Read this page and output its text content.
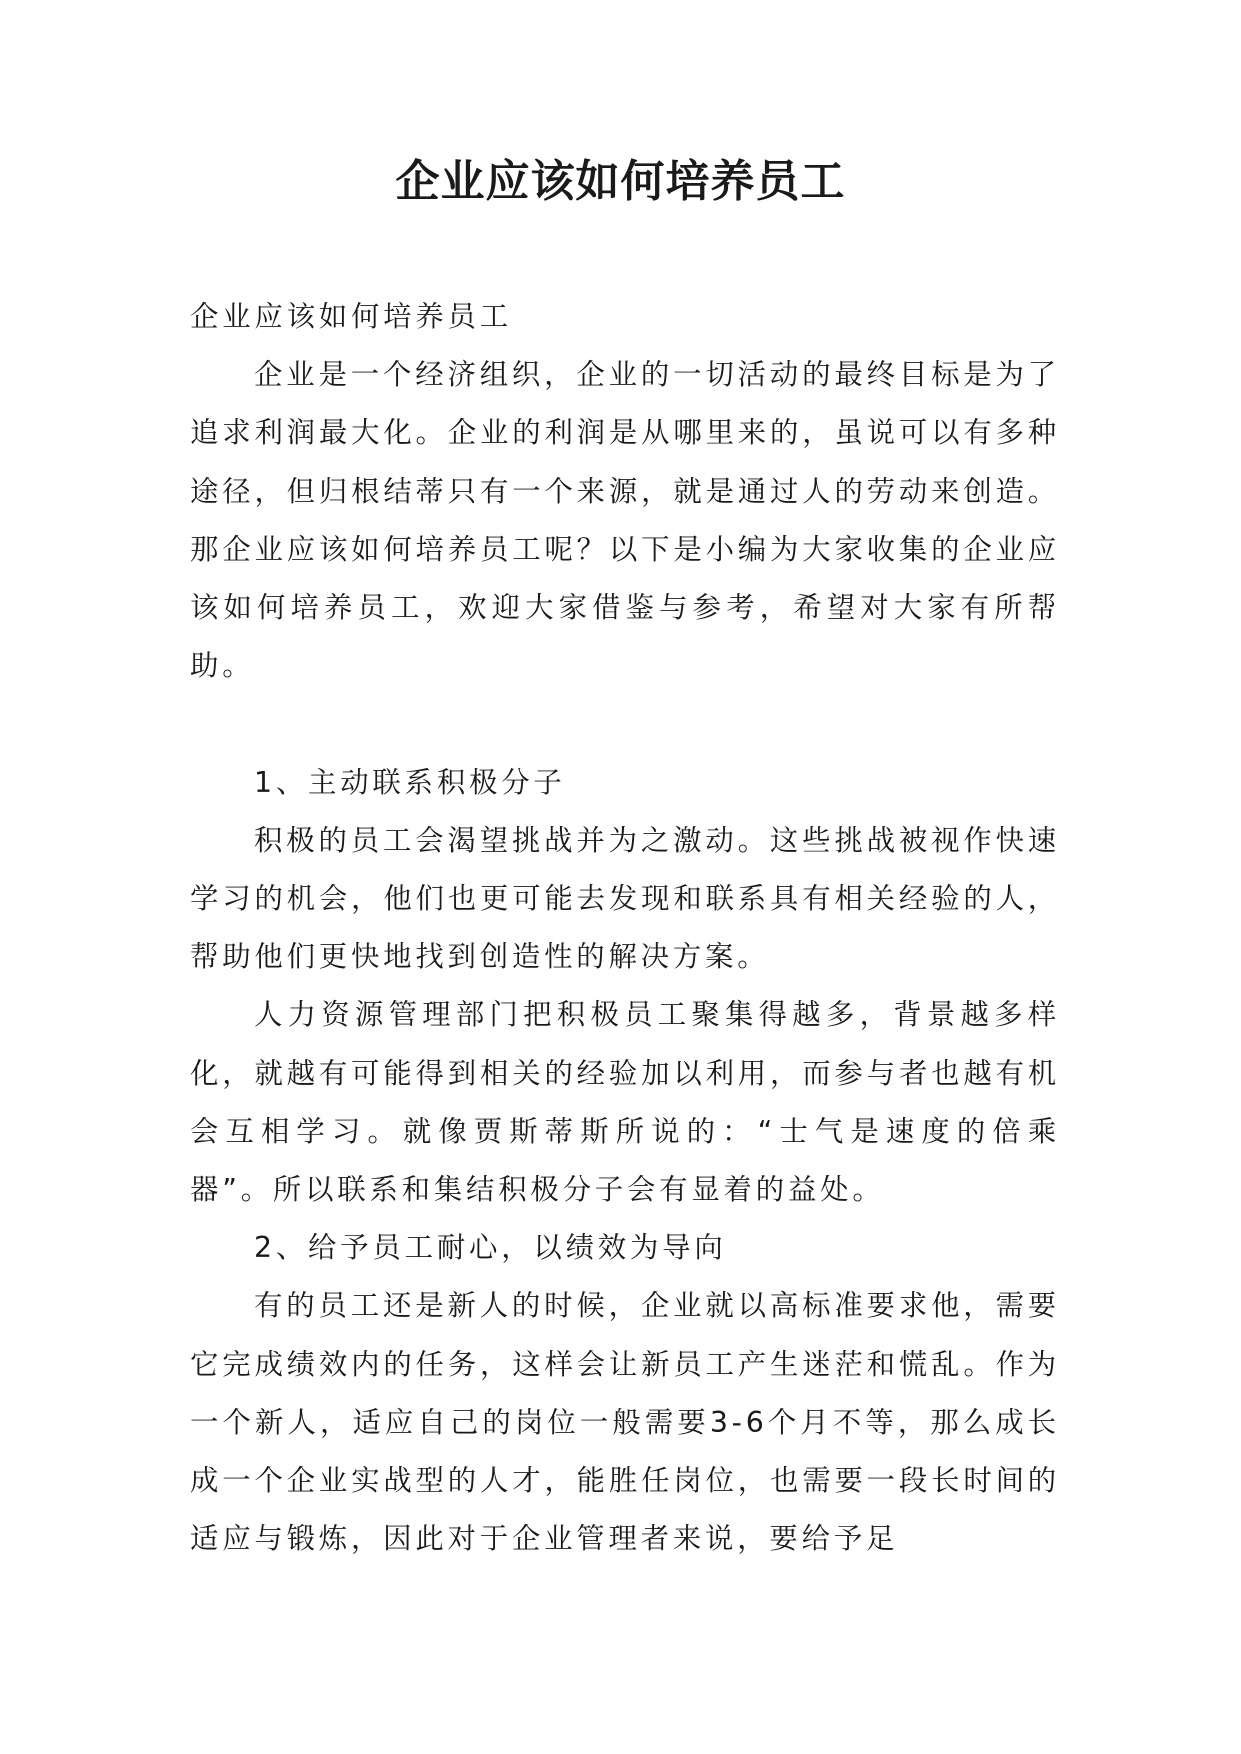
企业应该如何培养员工

企业应该如何培养员工

企业是一个经济组织，企业的一切活动的最终目标是为了追求利润最大化。企业的利润是从哪里来的，虽说可以有多种途径，但归根结蒂只有一个来源，就是通过人的劳动来创造。那企业应该如何培养员工呢？以下是小编为大家收集的企业应该如何培养员工，欢迎大家借鉴与参考，希望对大家有所帮助。

1、主动联系积极分子

积极的员工会渴望挑战并为之激动。这些挑战被视作快速学习的机会，他们也更可能去发现和联系具有相关经验的人，帮助他们更快地找到创造性的解决方案。

人力资源管理部门把积极员工聚集得越多，背景越多样化，就越有可能得到相关的经验加以利用，而参与者也越有机会互相学习。就像贾斯蒂斯所说的：“士气是速度的倍乘器”。所以联系和集结积极分子会有显着的益处。

2、给予员工耐心，以绩效为导向

有的员工还是新人的时候，企业就以高标准要求他，需要它完成绩效内的任务，这样会让新员工产生迷茫和慌乱。作为一个新人，适应自己的岗位一般需要3-6个月不等，那么成长成一个企业实战型的人才，能胜任岗位，也需要一段长时间的适应与锻炼，因此对于企业管理者来说，要给予足
